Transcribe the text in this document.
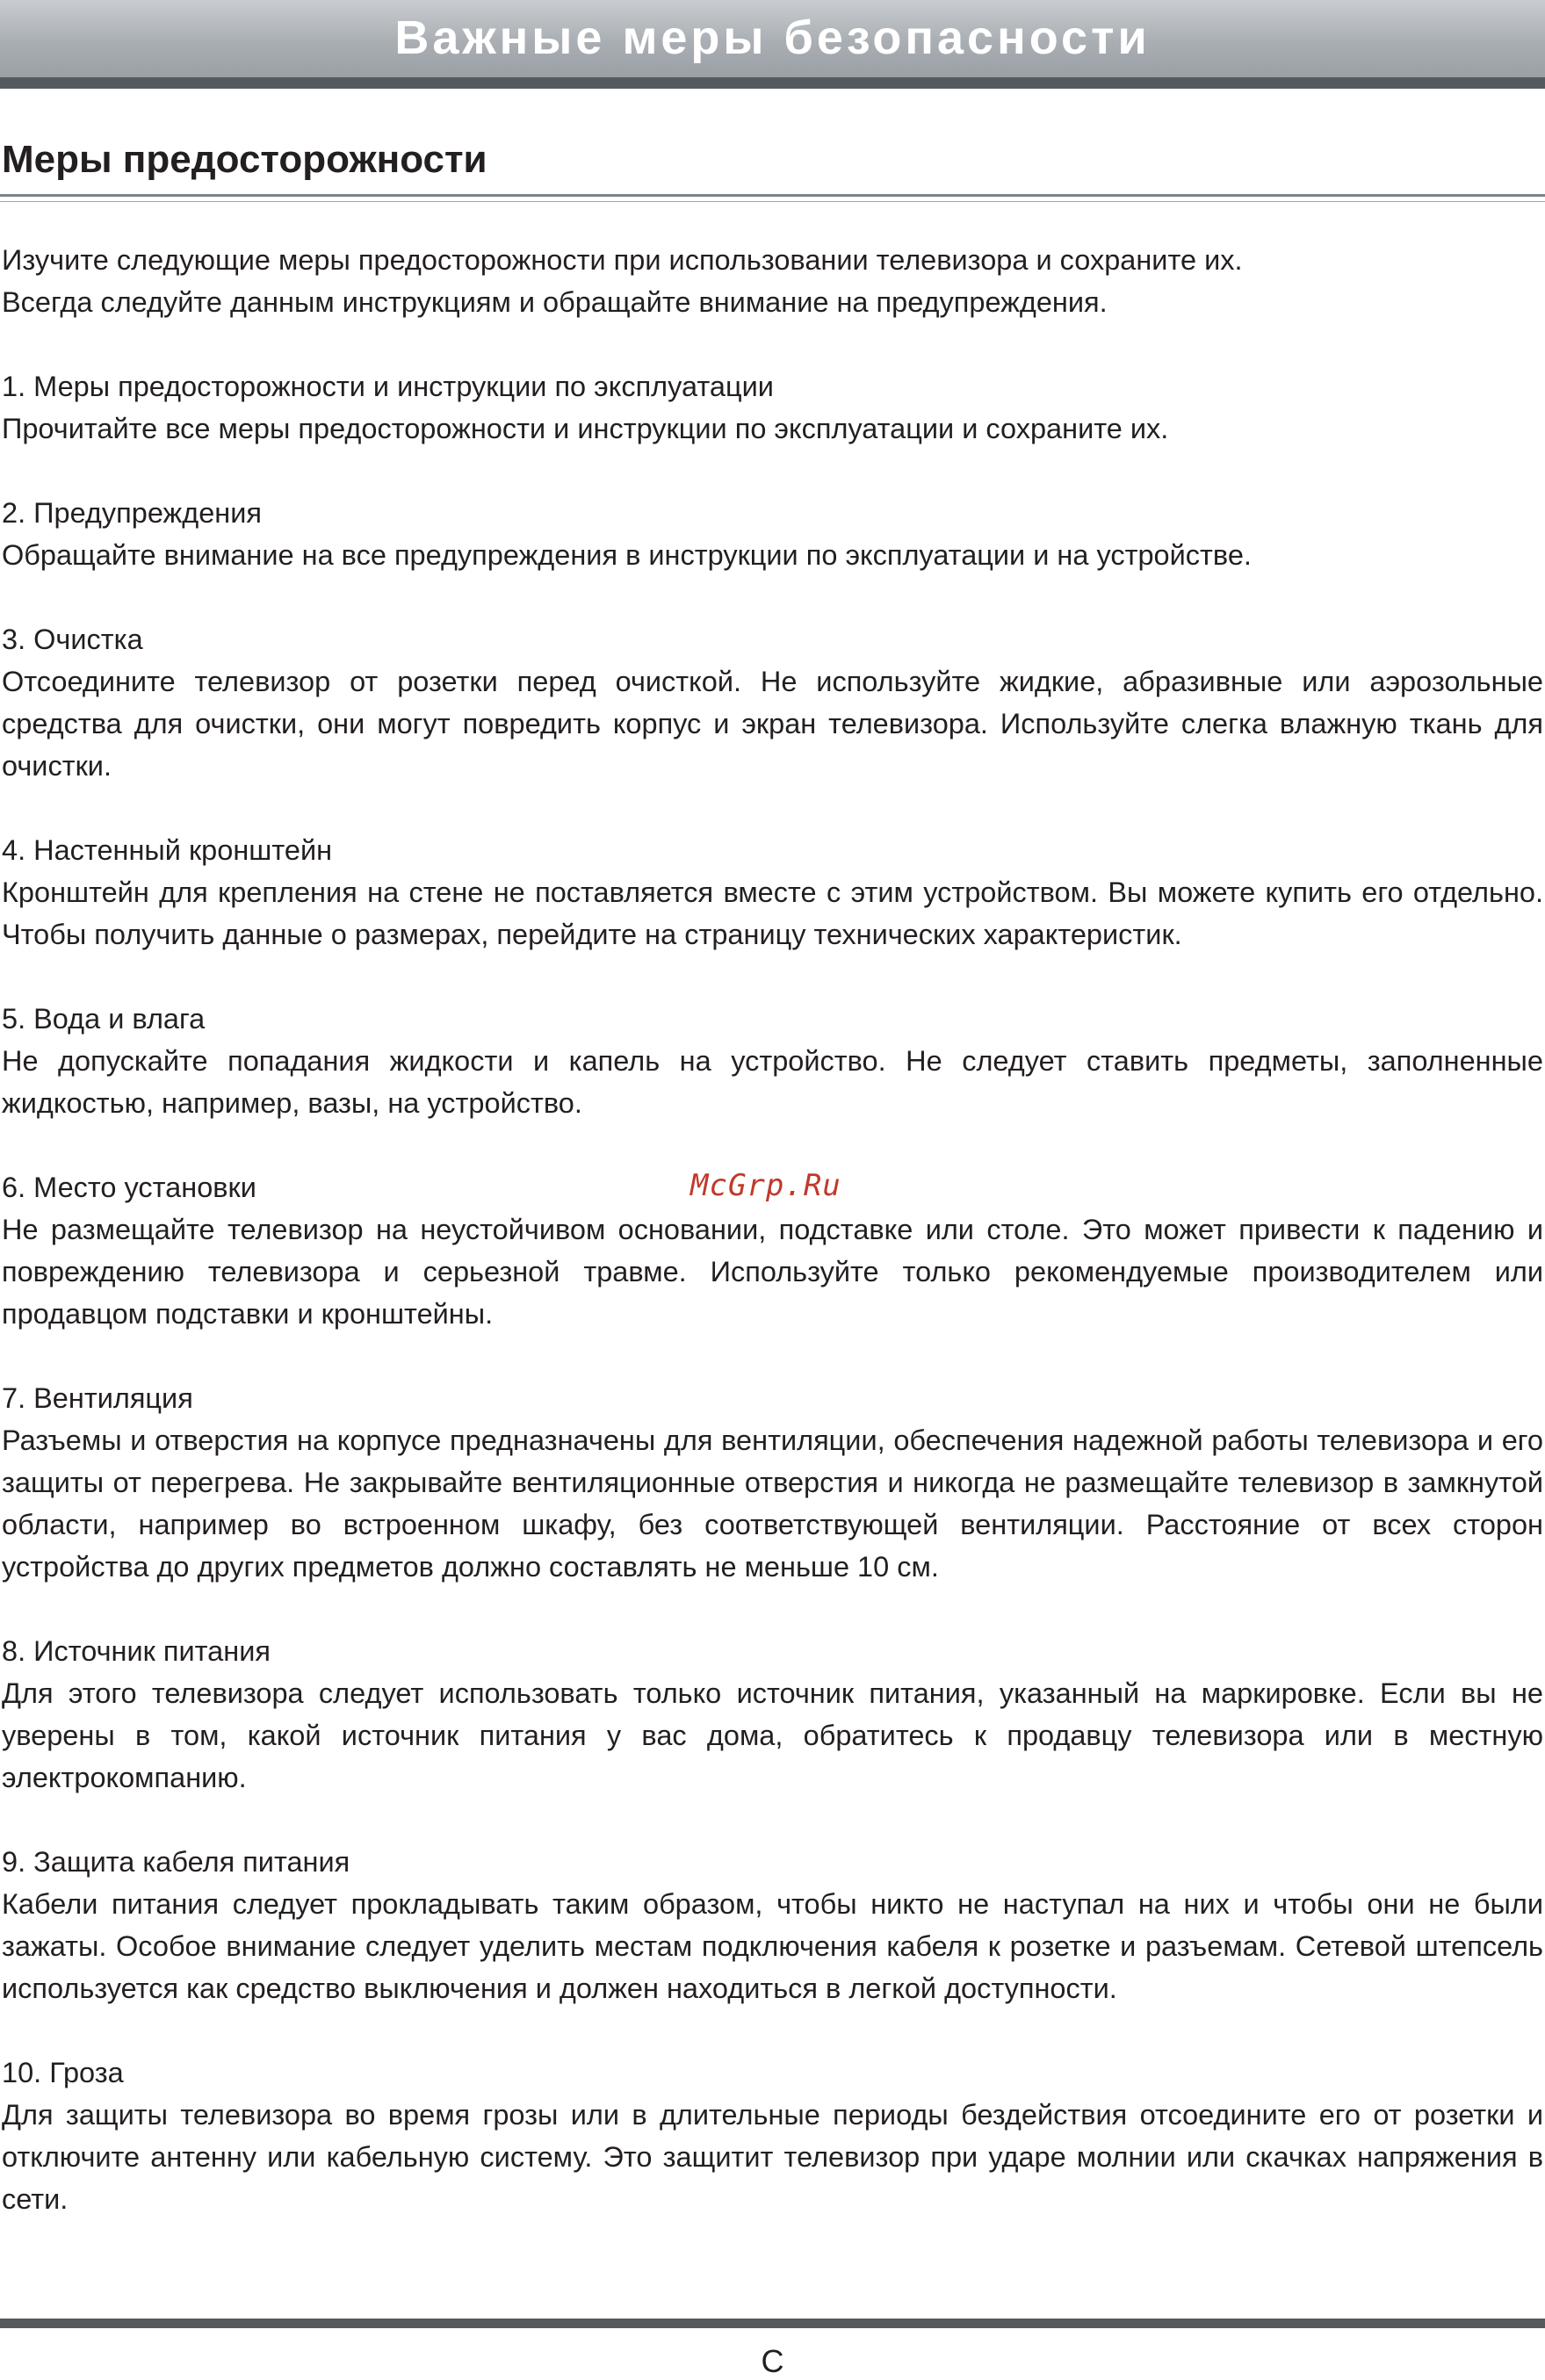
Важные меры безопасности
Меры предосторожности

Изучите следующие меры предосторожности при использовании телевизора и сохраните их.

Всегда следуйте данным инструкциям и обращайте внимание на предупреждения.

1. Меры предосторожности и инструкции по эксплуатации

Прочитайте все меры предосторожности и инструкции по эксплуатации и сохраните их.

2. Предупреждения

Обращайте внимание на все предупреждения в инструкции по эксплуатации и на устройстве.

3. Очистка

Отсоедините телевизор от розетки перед очисткой. Не используйте жидкие, абразивные или аэрозольные средства для очистки, они могут повредить корпус и экран телевизора. Используйте слегка влажную ткань для очистки.

4. Настенный кронштейн

Кронштейн для крепления на стене не поставляется вместе с этим устройством. Вы можете купить его отдельно. Чтобы получить данные о размерах, перейдите на страницу технических характеристик.

5. Вода и влага

Не допускайте попадания жидкости и капель на устройство. Не следует ставить предметы, заполненные жидкостью, например, вазы, на устройство.

6. Место установки

Не размещайте телевизор на неустойчивом основании, подставке или столе. Это может привести к падению и повреждению телевизора и серьезной травме. Используйте только рекомендуемые производителем или продавцом подставки и кронштейны.

7. Вентиляция

Разъемы и отверстия на корпусе предназначены для вентиляции, обеспечения надежной работы телевизора и его защиты от перегрева. Не закрывайте вентиляционные отверстия и никогда не размещайте телевизор в замкнутой области, например во встроенном шкафу, без соответствующей вентиляции. Расстояние от всех сторон устройства до других предметов должно составлять не меньше 10 см.

8. Источник питания

Для этого телевизора следует использовать только источник питания, указанный на маркировке. Если вы не уверены в том, какой источник питания у вас дома, обратитесь к продавцу телевизора или в местную электрокомпанию.

9. Защита кабеля питания

Кабели питания следует прокладывать таким образом, чтобы никто не наступал на них и чтобы они не были зажаты. Особое внимание следует уделить местам подключения кабеля к розетке и разъемам. Сетевой штепсель используется как средство выключения и должен находиться в легкой доступности.

10. Гроза

Для защиты телевизора во время грозы или в длительные периоды бездействия отсоедините его от розетки и отключите антенну или кабельную систему. Это защитит телевизор при ударе молнии или скачках напряжения в сети.

McGrp.Ru
C
